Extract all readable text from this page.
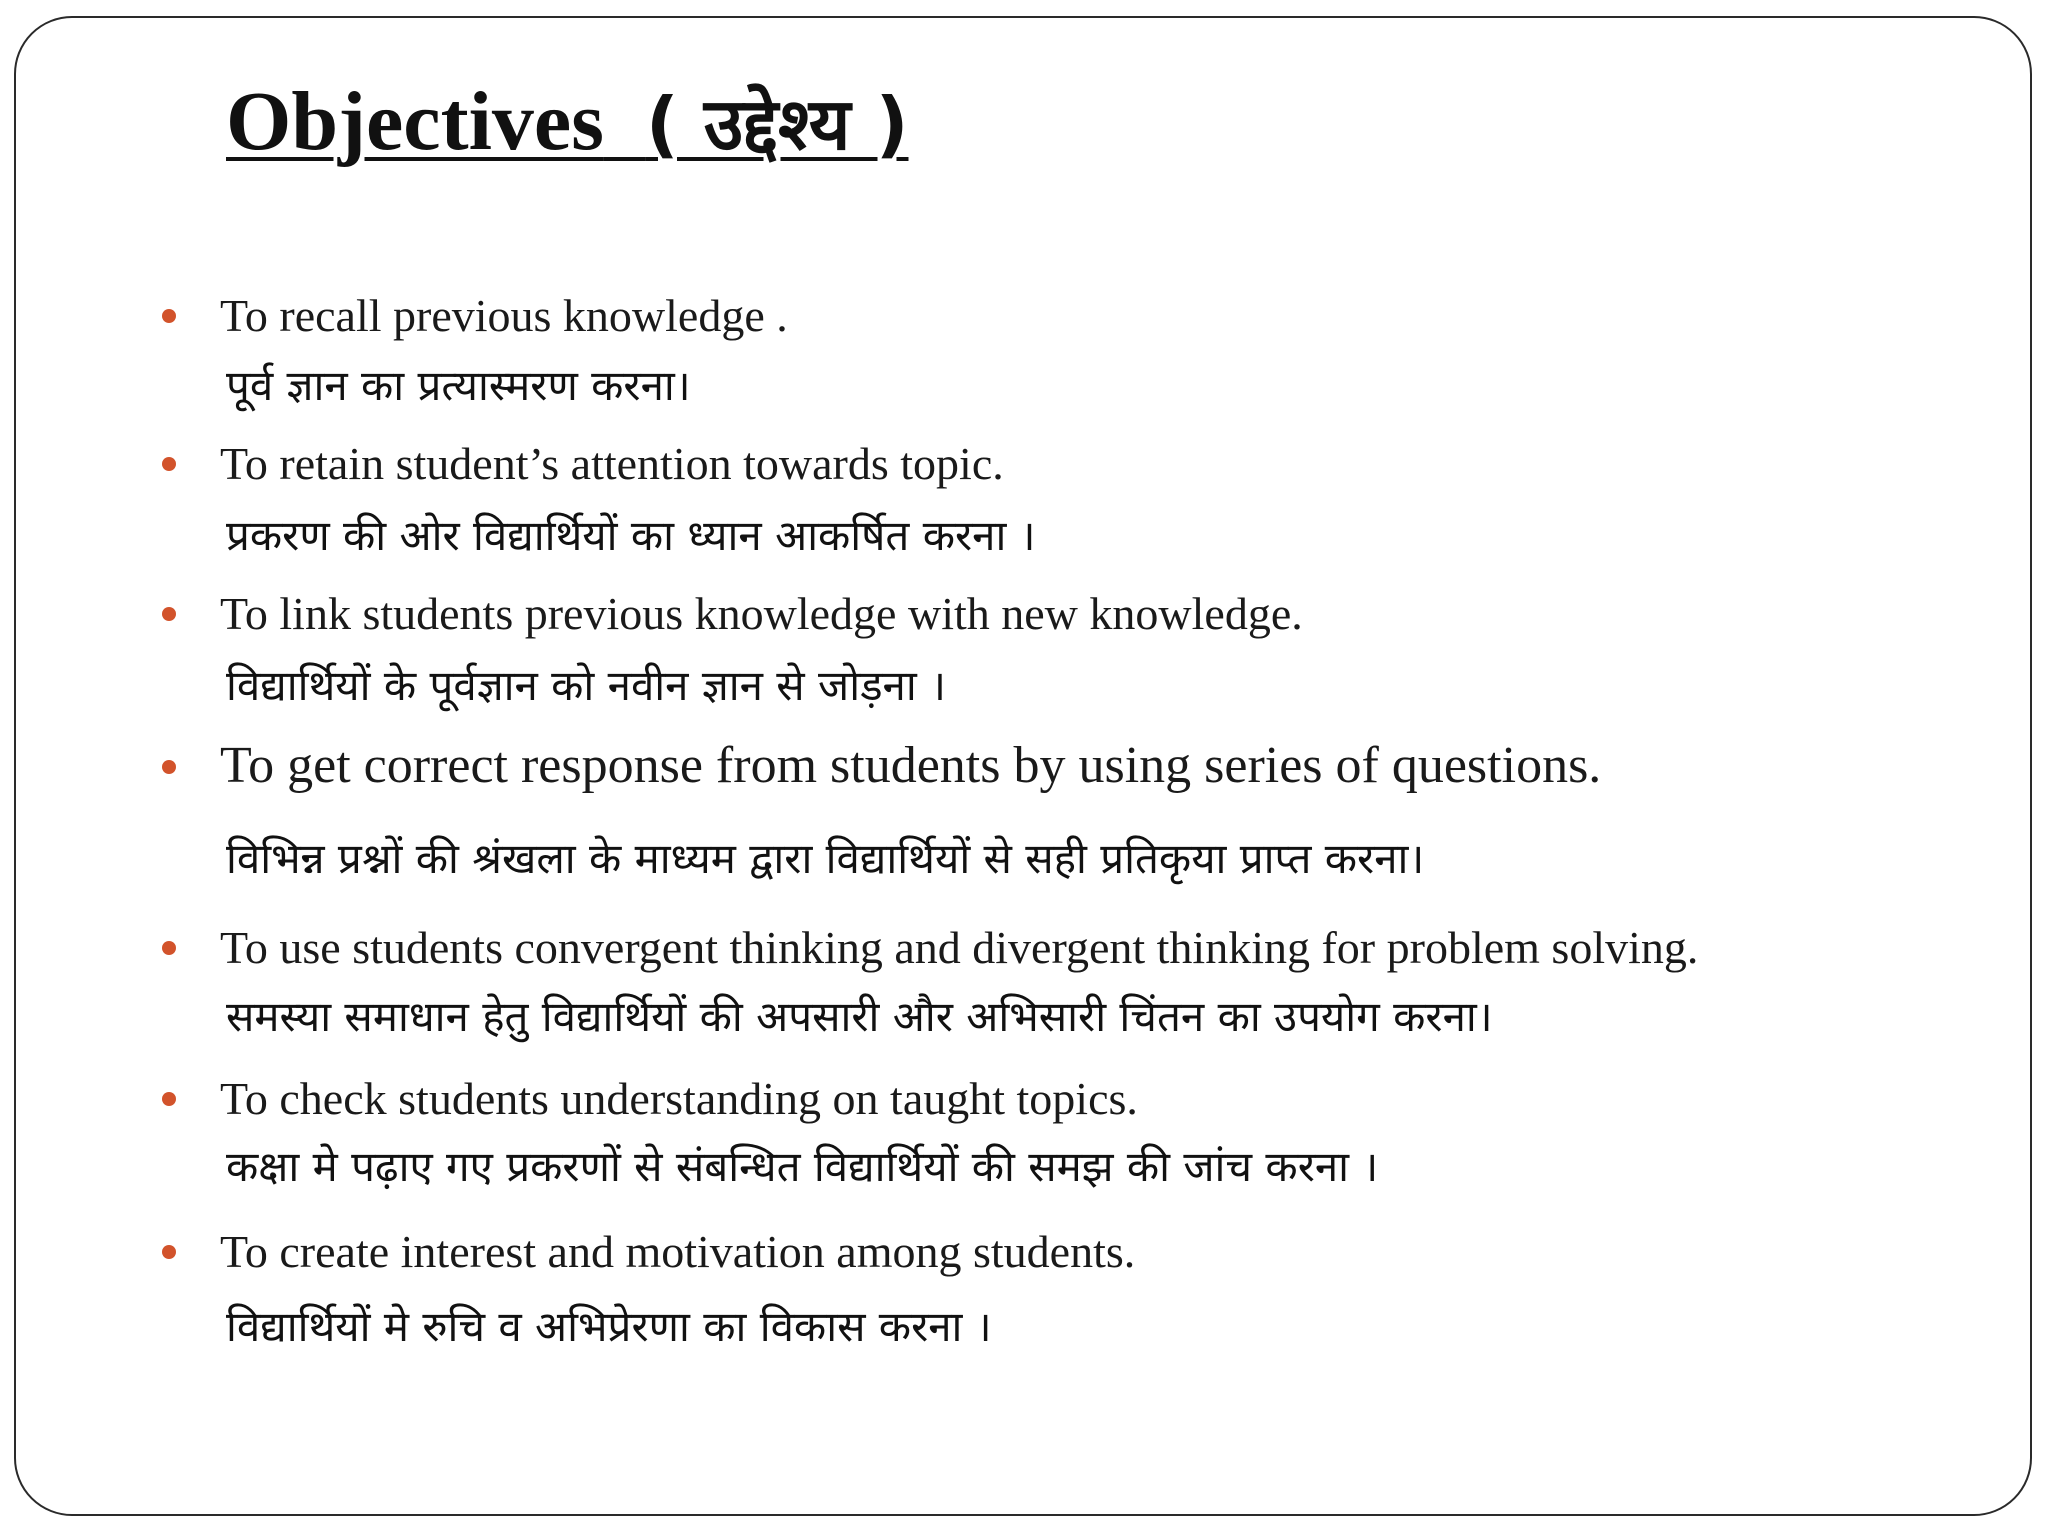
Objectives ( उद्देश्य )
To recall previous knowledge .
पूर्व ज्ञान का प्रत्यास्मरण करना।
To retain student’s attention towards topic.
प्रकरण की ओर विद्यार्थियों का ध्यान आकर्षित करना ।
To link students previous knowledge with new knowledge.
विद्यार्थियों के पूर्वज्ञान को नवीन ज्ञान से जोड़ना ।
To get correct response from students by using series of questions.
विभिन्न प्रश्नों की श्रंखला के माध्यम द्वारा विद्यार्थियों से सही प्रतिकृया प्राप्त करना।
To use students convergent thinking and divergent thinking for problem solving.
समस्या समाधान हेतु विद्यार्थियों की अपसारी और अभिसारी चिंतन का उपयोग करना।
To check students understanding on taught topics.
कक्षा मे पढ़ाए गए प्रकरणों से संबन्धित विद्यार्थियों की समझ की जांच करना ।
To create interest and motivation among students.
विद्यार्थियों मे रुचि व अभिप्रेरणा का विकास करना ।
